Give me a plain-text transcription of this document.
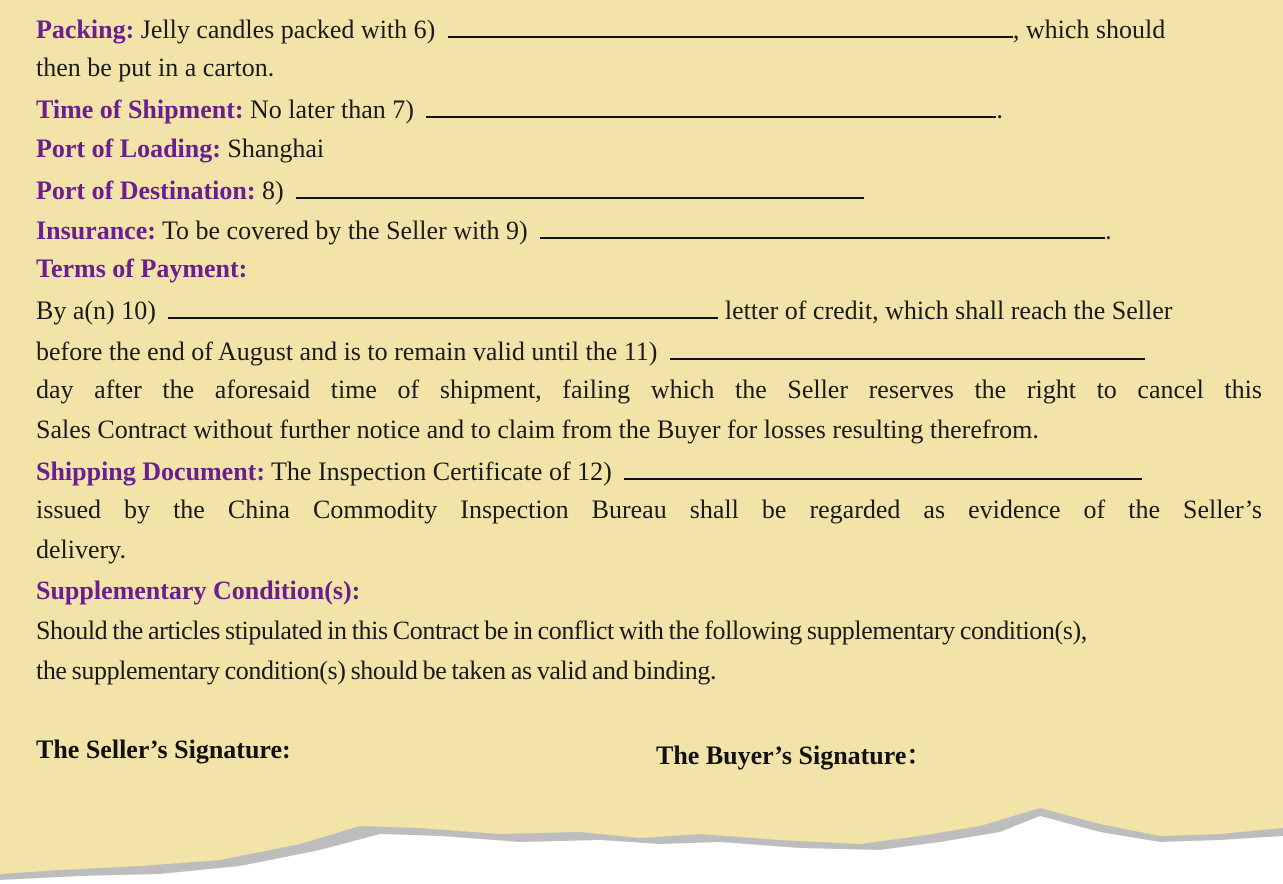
Packing: Jelly candles packed with 6)	, which should
then be put in a carton.
Time of Shipment: No later than 7)	.
Port of Loading: Shanghai
Port of Destination: 8)
Insurance: To be covered by the Seller with 9)	.
Terms of Payment:
By a(n) 10)	letter of credit, which shall reach the Seller
before the end of August and is to remain valid until the 11)
day after the aforesaid time of shipment, failing which the Seller reserves the right to cancel this
Sales Contract without further notice and to claim from the Buyer for losses resulting therefrom.
Shipping Document: The Inspection Certificate of 12)
issued by the China Commodity Inspection Bureau shall be regarded as evidence of the Seller’s
delivery.
Supplementary Condition(s):
Should the articles stipulated in this Contract be in conflict with the following supplementary condition(s),
the supplementary condition(s) should be taken as valid and binding.
The Seller’s Signature:	The Buyer’s Signature：
